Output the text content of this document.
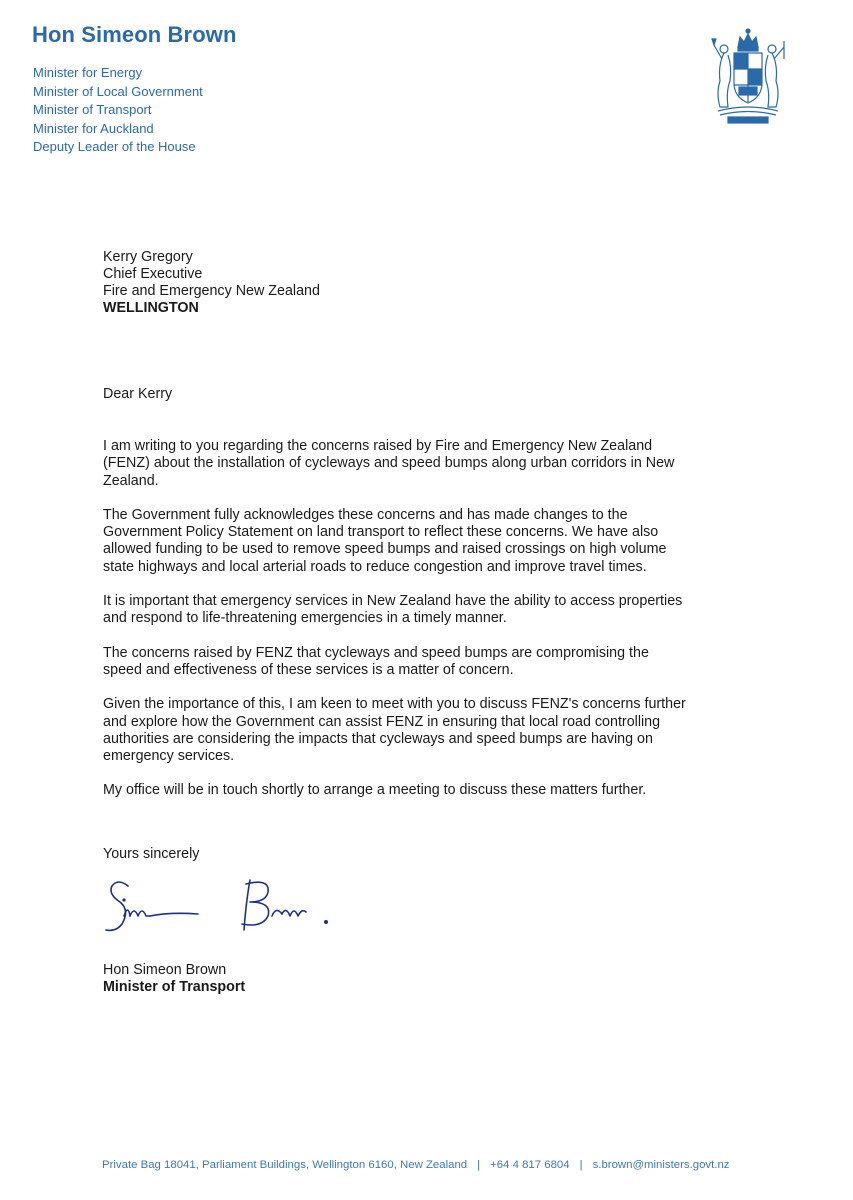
Hon Simeon Brown
Minister for Energy
Minister of Local Government
Minister of Transport
Minister for Auckland
Deputy Leader of the House
Kerry Gregory
Chief Executive
Fire and Emergency New Zealand
WELLINGTON
Dear Kerry

I am writing to you regarding the concerns raised by Fire and Emergency New Zealand
(FENZ) about the installation of cycleways and speed bumps along urban corridors in New
Zealand.

The Government fully acknowledges these concerns and has made changes to the
Government Policy Statement on land transport to reflect these concerns. We have also
allowed funding to be used to remove speed bumps and raised crossings on high volume
state highways and local arterial roads to reduce congestion and improve travel times.

It is important that emergency services in New Zealand have the ability to access properties
and respond to life-threatening emergencies in a timely manner.

The concerns raised by FENZ that cycleways and speed bumps are compromising the
speed and effectiveness of these services is a matter of concern.

Given the importance of this, I am keen to meet with you to discuss FENZ's concerns further
and explore how the Government can assist FENZ in ensuring that local road controlling
authorities are considering the impacts that cycleways and speed bumps are having on
emergency services.

My office will be in touch shortly to arrange a meeting to discuss these matters further.

Yours sincerely
Hon Simeon Brown
Minister of Transport
Private Bag 18041, Parliament Buildings, Wellington 6160, New Zealand | +64 4 817 6804 | s.brown@ministers.govt.nz
